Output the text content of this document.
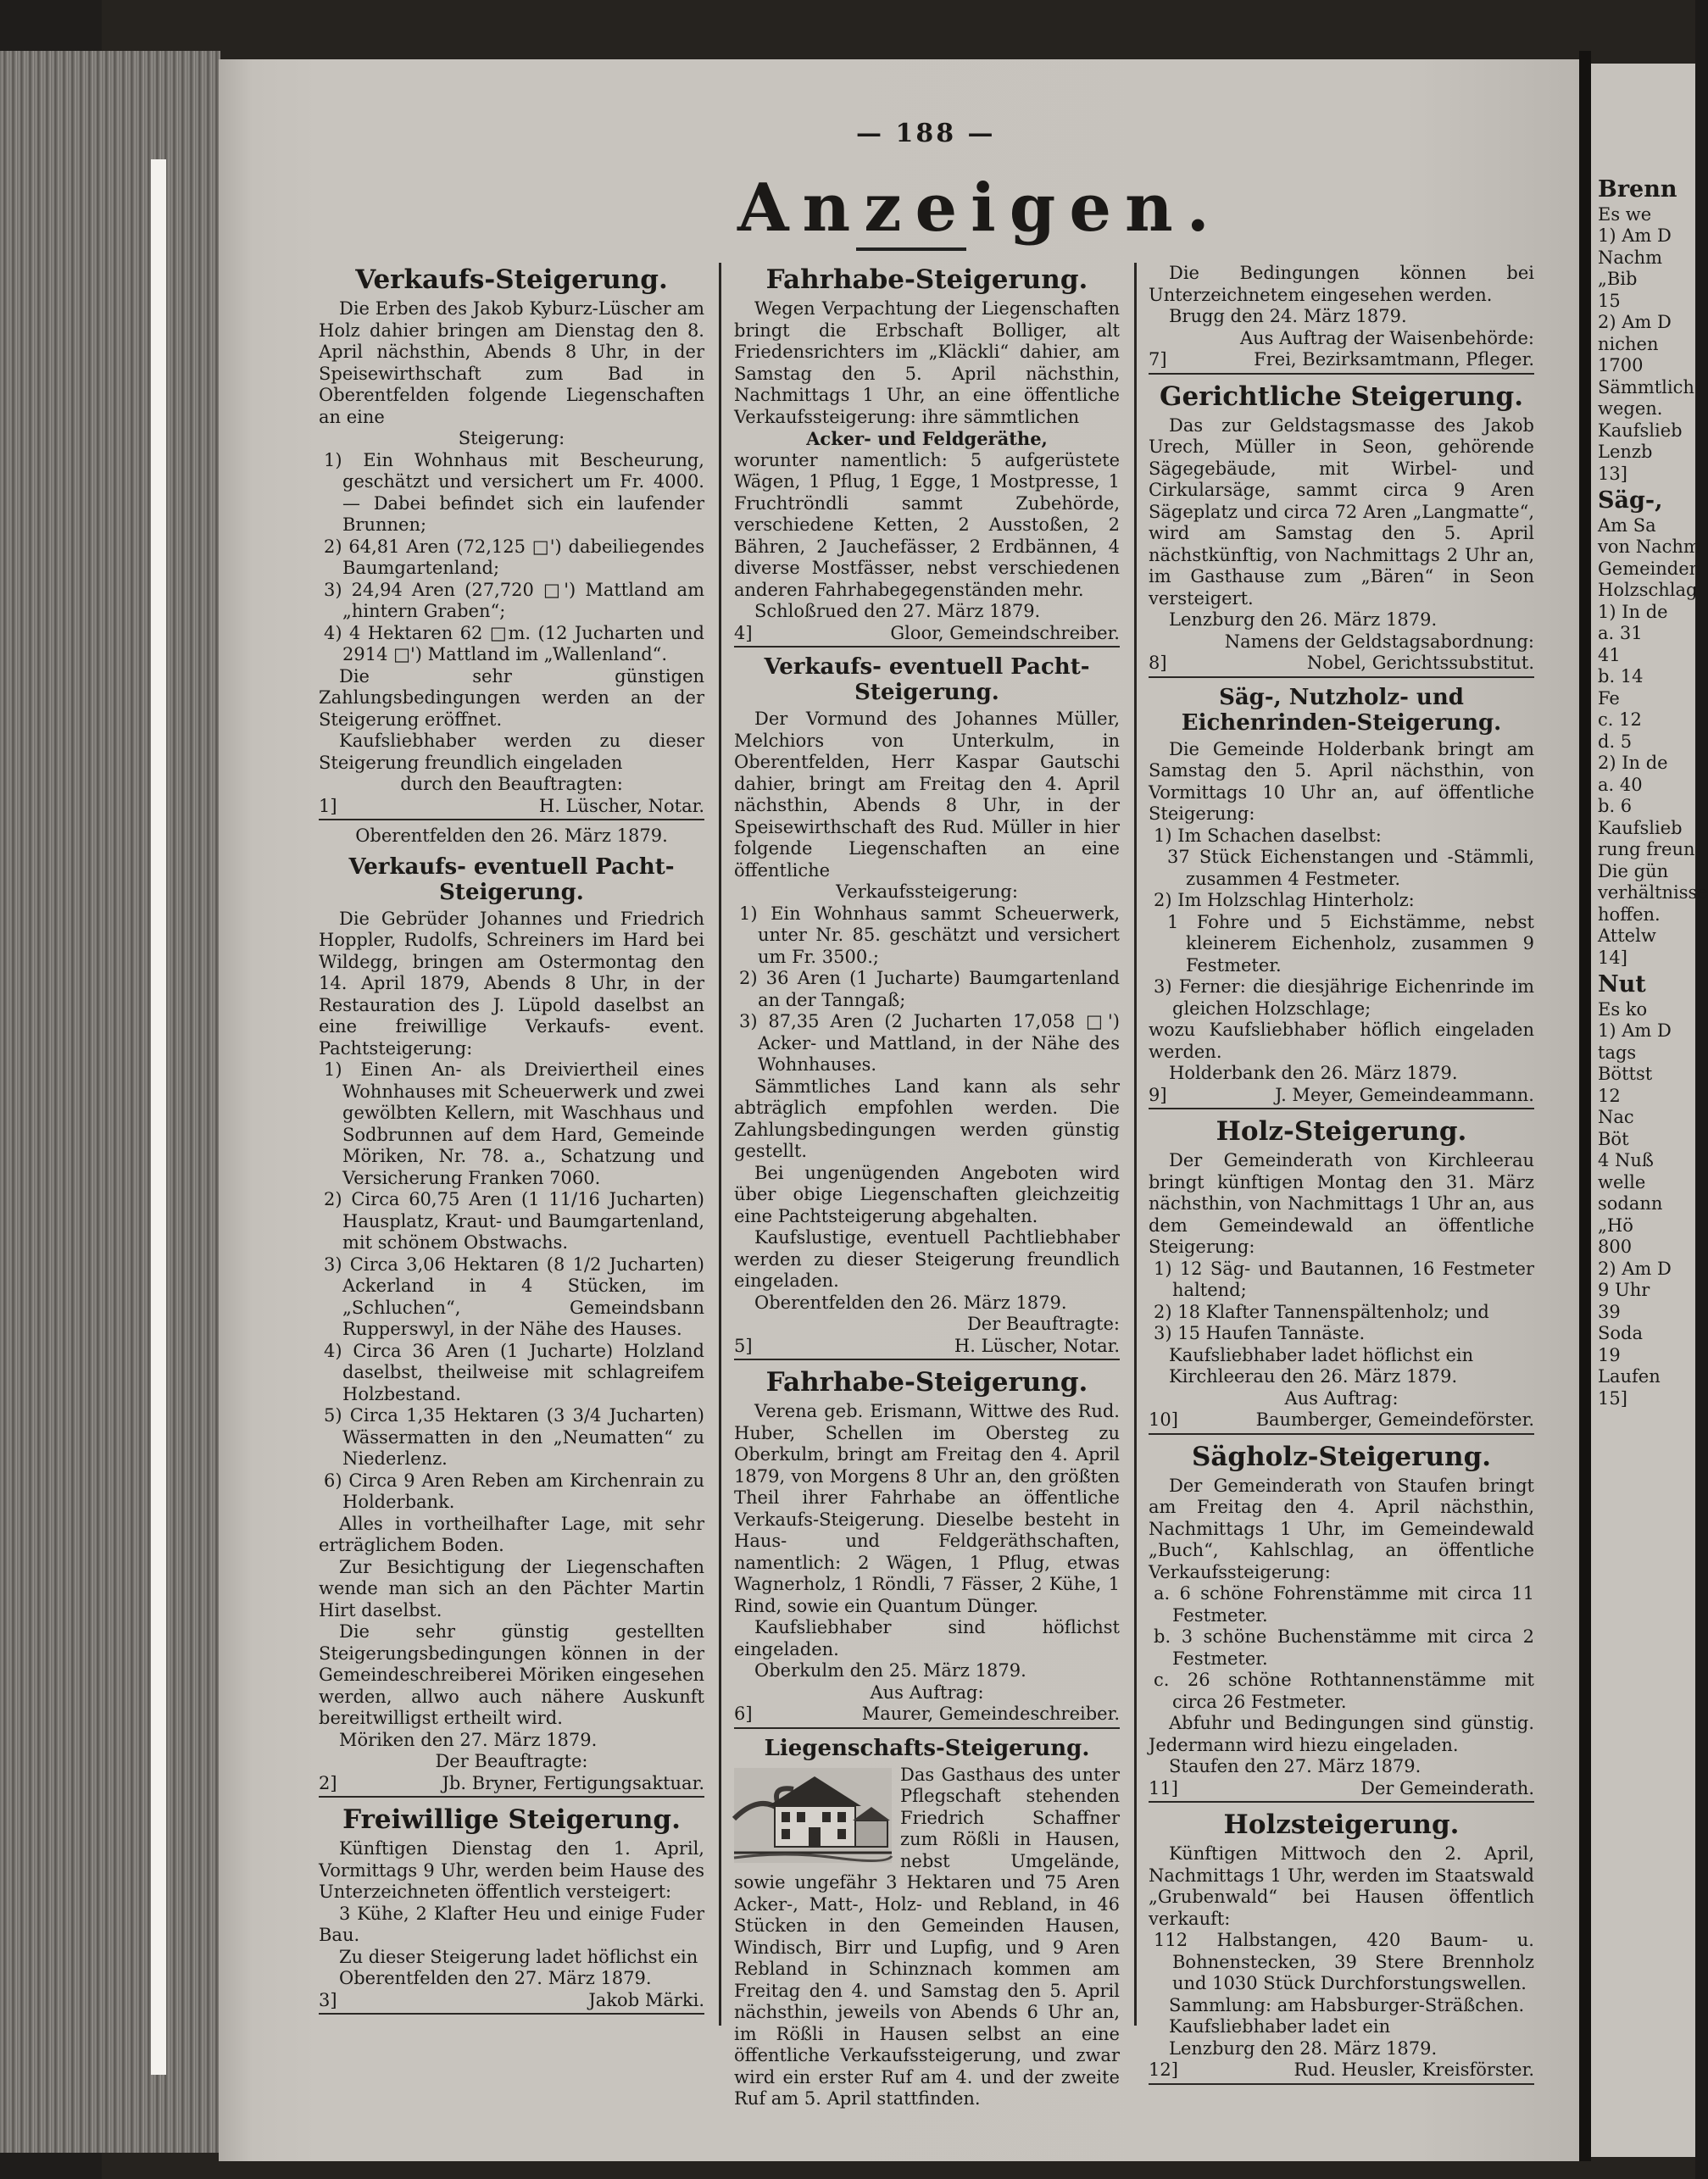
— 188 —
Anzeigen.
Verkaufs-Steigerung.

Die Erben des Jakob Kyburz-Lüscher am Holz dahier bringen am Dienstag den 8. April nächsthin, Abends 8 Uhr, in der Speisewirthschaft zum Bad in Oberentfelden folgende Liegenschaften an eine

Steigerung:

1) Ein Wohnhaus mit Bescheurung, geschätzt und versichert um Fr. 4000. — Dabei befindet sich ein laufender Brunnen;

2) 64,81 Aren (72,125 □') dabeiliegendes Baumgartenland;

3) 24,94 Aren (27,720 □') Mattland am „hintern Graben“;

4) 4 Hektaren 62 □m. (12 Jucharten und 2914 □') Mattland im „Wallenland“.

Die sehr günstigen Zahlungsbedingungen werden an der Steigerung eröffnet.

Kaufsliebhaber werden zu dieser Steigerung freundlich eingeladen

durch den Beauftragten:

1]	H. Lüscher, Notar.

Oberentfelden den 26. März 1879.

Verkaufs- eventuell Pacht-Steigerung.

Die Gebrüder Johannes und Friedrich Hoppler, Rudolfs, Schreiners im Hard bei Wildegg, bringen am Ostermontag den 14. April 1879, Abends 8 Uhr, in der Restauration des J. Lüpold daselbst an eine freiwillige Verkaufs- event. Pachtsteigerung:

1) Einen An- als Dreiviertheil eines Wohnhauses mit Scheuerwerk und zwei gewölbten Kellern, mit Waschhaus und Sodbrunnen auf dem Hard, Gemeinde Möriken, Nr. 78. a., Schatzung und Versicherung Franken 7060.

2) Circa 60,75 Aren (1 11/16 Jucharten) Hausplatz, Kraut- und Baumgartenland, mit schönem Obstwachs.

3) Circa 3,06 Hektaren (8 1/2 Jucharten) Ackerland in 4 Stücken, im „Schluchen“, Gemeindsbann Rupperswyl, in der Nähe des Hauses.

4) Circa 36 Aren (1 Jucharte) Holzland daselbst, theilweise mit schlagreifem Holzbestand.

5) Circa 1,35 Hektaren (3 3/4 Jucharten) Wässermatten in den „Neumatten“ zu Niederlenz.

6) Circa 9 Aren Reben am Kirchenrain zu Holderbank.

Alles in vortheilhafter Lage, mit sehr erträglichem Boden.

Zur Besichtigung der Liegenschaften wende man sich an den Pächter Martin Hirt daselbst.

Die sehr günstig gestellten Steigerungsbedingungen können in der Gemeindeschreiberei Möriken eingesehen werden, allwo auch nähere Auskunft bereitwilligst ertheilt wird.

Möriken den 27. März 1879.

Der Beauftragte:

2]	Jb. Bryner, Fertigungsaktuar.

Freiwillige Steigerung.

Künftigen Dienstag den 1. April, Vormittags 9 Uhr, werden beim Hause des Unterzeichneten öffentlich versteigert:

3 Kühe, 2 Klafter Heu und einige Fuder Bau.

Zu dieser Steigerung ladet höflichst ein

Oberentfelden den 27. März 1879.

3]	Jakob Märki.

Fahrhabe-Steigerung.

Wegen Verpachtung der Liegenschaften bringt die Erbschaft Bolliger, alt Friedensrichters im „Kläckli“ dahier, am Samstag den 5. April nächsthin, Nachmittags 1 Uhr, an eine öffentliche Verkaufssteigerung: ihre sämmtlichen

Acker- und Feldgeräthe,

worunter namentlich: 5 aufgerüstete Wägen, 1 Pflug, 1 Egge, 1 Mostpresse, 1 Fruchtröndli sammt Zubehörde, verschiedene Ketten, 2 Ausstoßen, 2 Bähren, 2 Jauchefässer, 2 Erdbännen, 4 diverse Mostfässer, nebst verschiedenen anderen Fahrhabegegenständen mehr.

Schloßrued den 27. März 1879.

4]	Gloor, Gemeindschreiber.

Verkaufs- eventuell Pacht-Steigerung.

Der Vormund des Johannes Müller, Melchiors von Unterkulm, in Oberentfelden, Herr Kaspar Gautschi dahier, bringt am Freitag den 4. April nächsthin, Abends 8 Uhr, in der Speisewirthschaft des Rud. Müller in hier folgende Liegenschaften an eine öffentliche

Verkaufssteigerung:

1) Ein Wohnhaus sammt Scheuerwerk, unter Nr. 85. geschätzt und versichert um Fr. 3500.;

2) 36 Aren (1 Jucharte) Baumgartenland an der Tanngaß;

3) 87,35 Aren (2 Jucharten 17,058 □') Acker- und Mattland, in der Nähe des Wohnhauses.

Sämmtliches Land kann als sehr abträglich empfohlen werden. Die Zahlungsbedingungen werden günstig gestellt.

Bei ungenügenden Angeboten wird über obige Liegenschaften gleichzeitig eine Pachtsteigerung abgehalten.

Kaufslustige, eventuell Pachtliebhaber werden zu dieser Steigerung freundlich eingeladen.

Oberentfelden den 26. März 1879.

Der Beauftragte:

5]	H. Lüscher, Notar.

Fahrhabe-Steigerung.

Verena geb. Erismann, Wittwe des Rud. Huber, Schellen im Obersteg zu Oberkulm, bringt am Freitag den 4. April 1879, von Morgens 8 Uhr an, den größten Theil ihrer Fahrhabe an öffentliche Verkaufs-Steigerung. Dieselbe besteht in Haus- und Feldgeräthschaften, namentlich: 2 Wägen, 1 Pflug, etwas Wagnerholz, 1 Röndli, 7 Fässer, 2 Kühe, 1 Rind, sowie ein Quantum Dünger.

Kaufsliebhaber sind höflichst eingeladen.

Oberkulm den 25. März 1879.

Aus Auftrag:

6]	Maurer, Gemeindeschreiber.

Liegenschafts-Steigerung.

Das Gasthaus des unter Pflegschaft stehenden Friedrich Schaffner zum Rößli in Hausen, nebst Umgelände, sowie ungefähr 3 Hektaren und 75 Aren Acker-, Matt-, Holz- und Rebland, in 46 Stücken in den Gemeinden Hausen, Windisch, Birr und Lupfig, und 9 Aren Rebland in Schinznach kommen am Freitag den 4. und Samstag den 5. April nächsthin, jeweils von Abends 6 Uhr an, im Rößli in Hausen selbst an eine öffentliche Verkaufssteigerung, und zwar wird ein erster Ruf am 4. und der zweite Ruf am 5. April stattfinden.

Die Bedingungen können bei Unterzeichnetem eingesehen werden.

Brugg den 24. März 1879.

Aus Auftrag der Waisenbehörde:

7]	Frei, Bezirksamtmann, Pfleger.

Gerichtliche Steigerung.

Das zur Geldstagsmasse des Jakob Urech, Müller in Seon, gehörende Sägegebäude, mit Wirbel- und Cirkularsäge, sammt circa 9 Aren Sägeplatz und circa 72 Aren „Langmatte“, wird am Samstag den 5. April nächstkünftig, von Nachmittags 2 Uhr an, im Gasthause zum „Bären“ in Seon versteigert.

Lenzburg den 26. März 1879.

Namens der Geldstagsabordnung:

8]	Nobel, Gerichtssubstitut.

Säg-, Nutzholz- und Eichenrinden-Steigerung.

Die Gemeinde Holderbank bringt am Samstag den 5. April nächsthin, von Vormittags 10 Uhr an, auf öffentliche Steigerung:

1) Im Schachen daselbst:

37 Stück Eichenstangen und -Stämmli, zusammen 4 Festmeter.

2) Im Holzschlag Hinterholz:

1 Fohre und 5 Eichstämme, nebst kleinerem Eichenholz, zusammen 9 Festmeter.

3) Ferner: die diesjährige Eichenrinde im gleichen Holzschlage;

wozu Kaufsliebhaber höflich eingeladen werden.

Holderbank den 26. März 1879.

9]	J. Meyer, Gemeindeammann.

Holz-Steigerung.

Der Gemeinderath von Kirchleerau bringt künftigen Montag den 31. März nächsthin, von Nachmittags 1 Uhr an, aus dem Gemeindewald an öffentliche Steigerung:

1) 12 Säg- und Bautannen, 16 Festmeter haltend;

2) 18 Klafter Tannenspältenholz; und

3) 15 Haufen Tannäste.

Kaufsliebhaber ladet höflichst ein

Kirchleerau den 26. März 1879.

Aus Auftrag:

10]	Baumberger, Gemeindeförster.

Sägholz-Steigerung.

Der Gemeinderath von Staufen bringt am Freitag den 4. April nächsthin, Nachmittags 1 Uhr, im Gemeindewald „Buch“, Kahlschlag, an öffentliche Verkaufssteigerung:

a. 6 schöne Fohrenstämme mit circa 11 Festmeter.

b. 3 schöne Buchenstämme mit circa 2 Festmeter.

c. 26 schöne Rothtannenstämme mit circa 26 Festmeter.

Abfuhr und Bedingungen sind günstig. Jedermann wird hiezu eingeladen.

Staufen den 27. März 1879.

11]	Der Gemeinderath.

Holzsteigerung.

Künftigen Mittwoch den 2. April, Nachmittags 1 Uhr, werden im Staatswald „Grubenwald“ bei Hausen öffentlich verkauft:

112 Halbstangen, 420 Baum- u. Bohnenstecken, 39 Stere Brennholz und 1030 Stück Durchforstungswellen.

Sammlung: am Habsburger-Sträßchen.

Kaufsliebhaber ladet ein

Lenzburg den 28. März 1879.

12]	Rud. Heusler, Kreisförster.

Brenn

Es we

1) Am D

Nachm

„Bib

15

2) Am D

nichen

1700

Sämmtlich

wegen.

Kaufslieb

Lenzb

13]

Säg-,

Am Sa

von Nachm

Gemeinden

Holzschlag

1) In de

a. 31

41

b. 14

Fe

c. 12

d. 5

2) In de

a. 40

b. 6

Kaufslieb

rung freun

Die gün

verhältnisse

hoffen.

Attelw

14]

Nut

Es ko

1) Am D

tags

Böttst

12

Nac

Böt

4 Nuß

welle

sodann

„Hö

800

2) Am D

9 Uhr

39

Soda

19

Laufen

15]
